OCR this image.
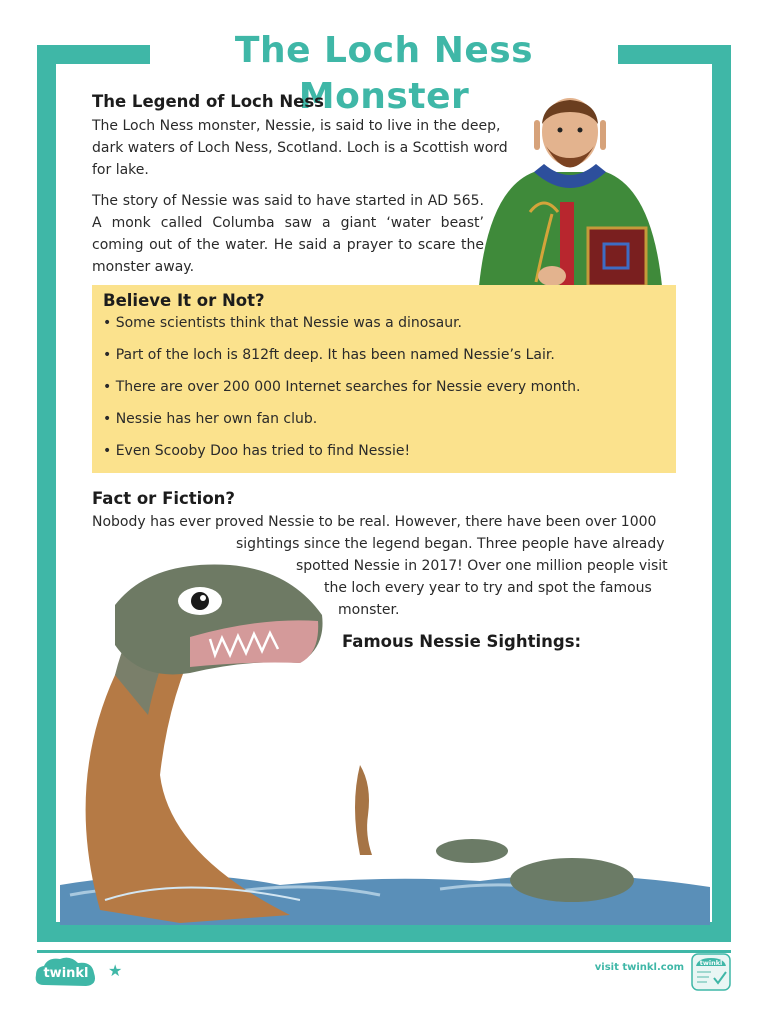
The Loch Ness Monster
The Legend of Loch Ness

The Loch Ness monster, Nessie, is said to live in the deep, dark waters of Loch Ness, Scotland. Loch is a Scottish word for lake.

The story of Nessie was said to have started in AD 565. A monk called Columba saw a giant ‘water beast’ coming out of the water. He said a prayer to scare the monster away.

Believe It or Not?
• Some scientists think that Nessie was a dinosaur.
• Part of the loch is 812ft deep. It has been named Nessie’s Lair.
• There are over 200 000 Internet searches for Nessie every month.
• Nessie has her own fan club.
• Even Scooby Doo has tried to find Nessie!
Fact or Fiction?

Nobody has ever proved Nessie to be real. However, there have been over 1000

sightings since the legend began. Three people have already

spotted Nessie in 2017! Over one million people visit

the loch every year to try and spot the famous

monster.

Famous Nessie Sightings:
twinkl ★	visit twinkl.com twinkl
